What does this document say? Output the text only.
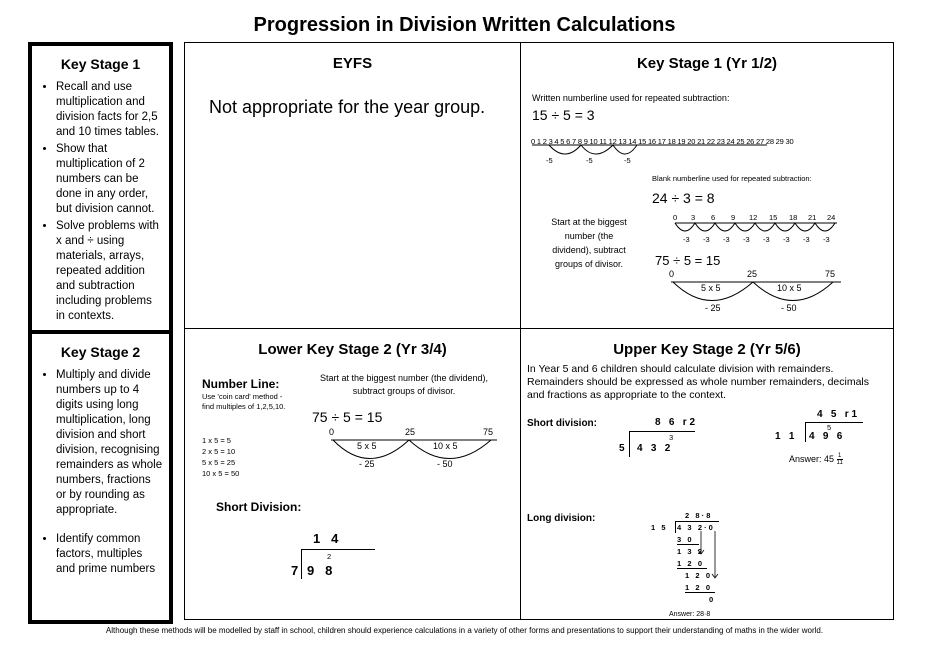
Progression in Division Written Calculations
Key Stage 1
• Recall and use multiplication and division facts for 2,5 and 10 times tables.
• Show that multiplication of 2 numbers can be done in any order, but division cannot.
• Solve problems with x and ÷ using materials, arrays, repeated addition and subtraction including problems in contexts.
Key Stage 2
• Multiply and divide numbers up to 4 digits using long multiplication, long division and short division, recognising remainders as whole numbers, fractions or by rounding as appropriate.
• Identify common factors, multiples and prime numbers
EYFS
Not appropriate for the year group.
Key Stage 1 (Yr 1/2)
Written numberline used for repeated subtraction:
15 ÷ 5 = 3
0 1 2 3 4 5 6 7 8 9 10 11 12 13 14 15 16 17 18 19 20 21 22 23 24 25 26 27 28 29 30
-5	-5	-5
Blank numberline used for repeated subtraction:
24 ÷ 3 = 8
0 3 6 9 12 15 18 21 24
-3 -3 -3 -3 -3 -3 -3 -3
Start at the biggest number (the dividend), subtract groups of divisor.	75 ÷ 5 = 15
0	25	75
5 x 5	10 x 5
- 25	- 50
Lower Key Stage 2 (Yr 3/4)
Number Line:
Use 'coin card' method - find multiples of 1,2,5,10.
1 x 5 = 5
2 x 5 = 10
5 x 5 = 25
10 x 5 = 50
Start at the biggest number (the dividend), subtract groups of divisor.
75 ÷ 5 = 15
0	25	75
5 x 5	10 x 5
- 25	- 50
Short Division:
1   4
2
7 9   8
Upper Key Stage 2 (Yr 5/6)
In Year 5 and 6 children should calculate division with remainders. Remainders should be expressed as whole number remainders, decimals and fractions as appropriate to the context.
Short division:	8   6   r 2
3
5 4   3   2
4   5   r 1
5
1   1 4   9   6
Answer: $45 \frac{1}{11}$
Long division:	2   8 · 8
1   5 4   3   2 · 0
3   0
1   3   2
1   2   0
1   2   0
1   2   0
0
Answer: 28·8
Although these methods will be modelled by staff in school, children should experience calculations in a variety of other forms and presentations to support their understanding of maths in the wider world.
